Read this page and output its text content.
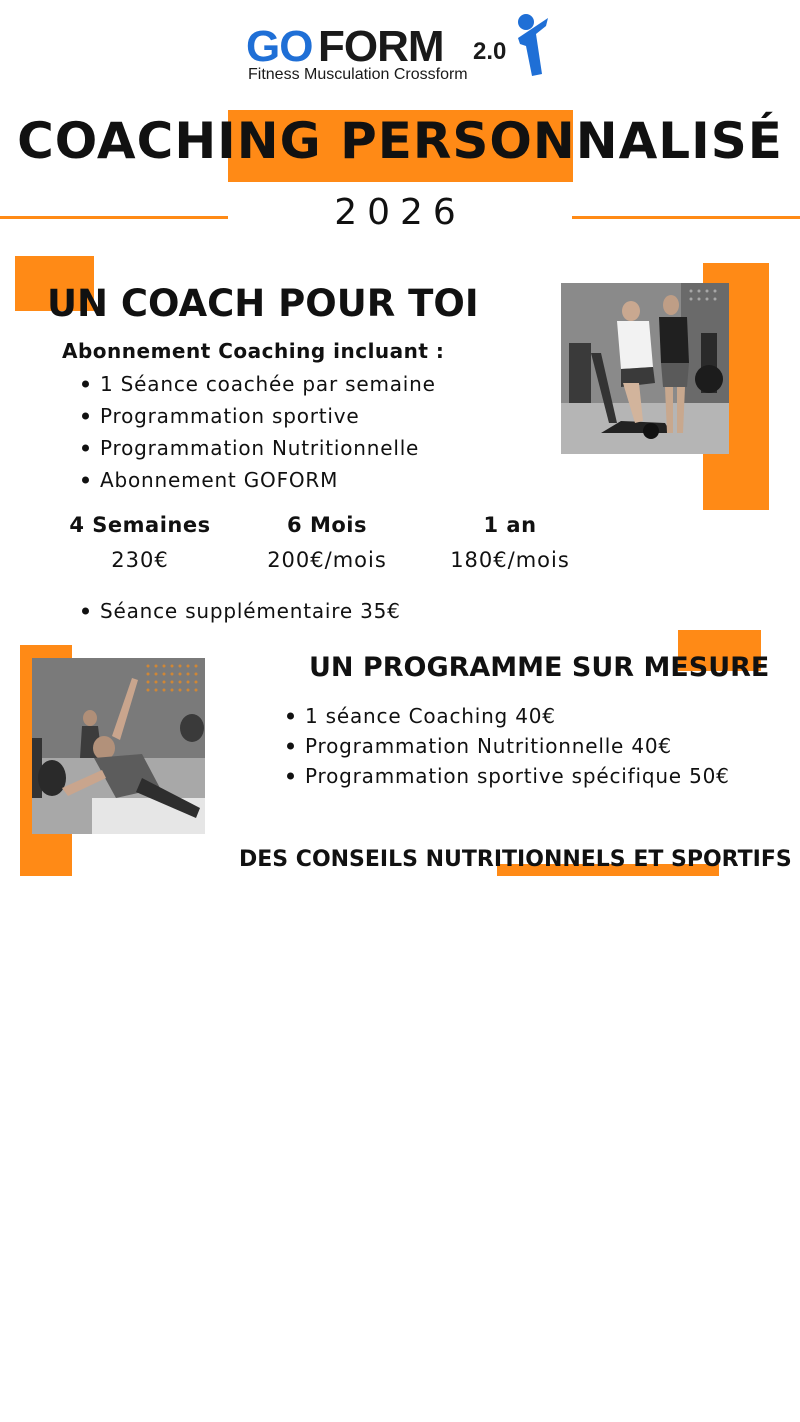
GO FORM 2.0
Fitness Musculation Crossform
COACHING PERSONNALISÉ
2026
UN COACH POUR TOI
Abonnement Coaching incluant :
1 Séance coachée par semaine
Programmation sportive
Programmation Nutritionnelle
Abonnement GOFORM
4 Semaines	6 Mois	1 an
230€	200€/mois	180€/mois
Séance supplémentaire 35€
UN PROGRAMME SUR MESURE
1 séance Coaching 40€
Programmation Nutritionnelle 40€
Programmation sportive spécifique 50€
DES CONSEILS NUTRITIONNELS ET SPORTIFS
